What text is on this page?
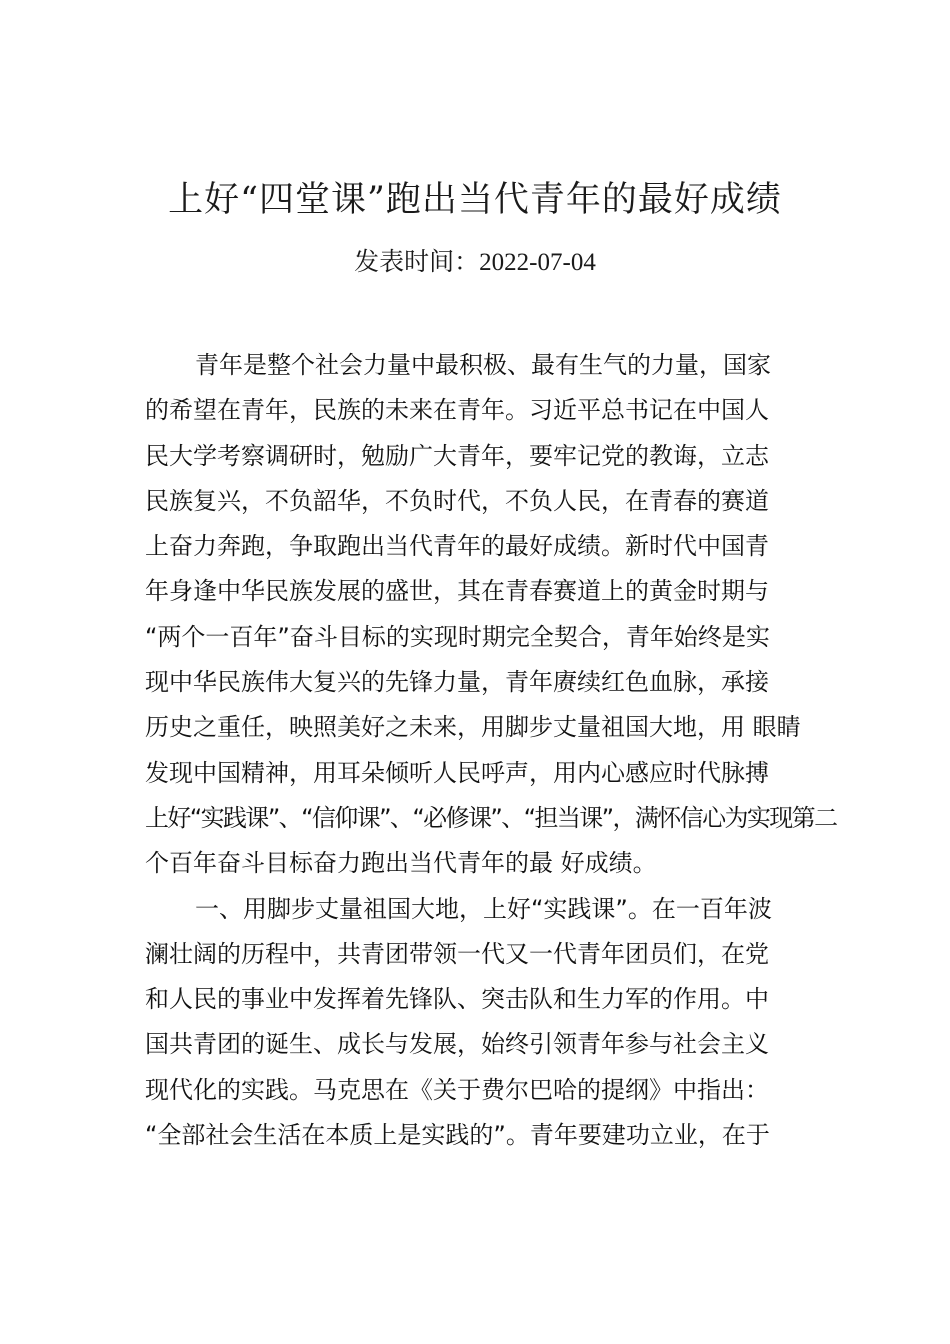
上好“四堂课”跑出当代青年的最好成绩
发表时间：2022-07-04
青年是整个社会力量中最积极、最有生气的力量，国家
的希望在青年，民族的未来在青年。习近平总书记在中国人
民大学考察调研时，勉励广大青年，要牢记党的教诲，立志
民族复兴，不负韶华，不负时代，不负人民，在青春的赛道
上奋力奔跑，争取跑出当代青年的最好成绩。新时代中国青
年身逢中华民族发展的盛世，其在青春赛道上的黄金时期与
“两个一百年”奋斗目标的实现时期完全契合，青年始终是实
现中华民族伟大复兴的先锋力量，青年赓续红色血脉，承接
历史之重任，映照美好之未来，用脚步丈量祖国大地，用 眼睛
发现中国精神，用耳朵倾听人民呼声，用内心感应时代脉搏
上好“实践课”、“信仰课”、“必修课”、“担当课”，满怀信心为实现第二
个百年奋斗目标奋力跑出当代青年的最 好成绩。
一、用脚步丈量祖国大地，上好“实践课”。在一百年波
澜壮阔的历程中，共青团带领一代又一代青年团员们，在党
和人民的事业中发挥着先锋队、突击队和生力军的作用。中
国共青团的诞生、成长与发展，始终引领青年参与社会主义
现代化的实践。马克思在《关于费尔巴哈的提纲》中指出：
“全部社会生活在本质上是实践的”。青年要建功立业，在于
